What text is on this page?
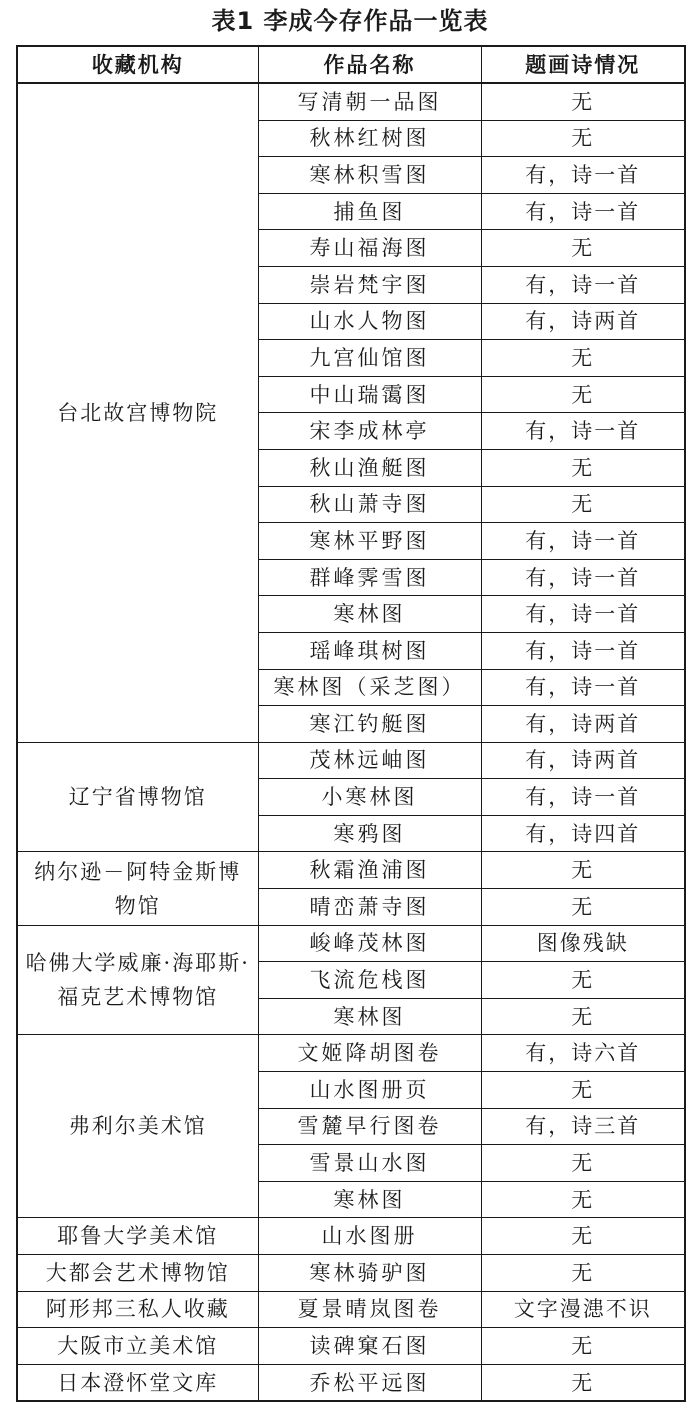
表1 李成今存作品一览表
收藏机构	作品名称	题画诗情况
台北故宫博物院	写清朝一品图	无
	秋林红树图	无
	寒林积雪图	有，诗一首
	捕鱼图	有，诗一首
	寿山福海图	无
	崇岩梵宇图	有，诗一首
	山水人物图	有，诗两首
	九宫仙馆图	无
	中山瑞霭图	无
	宋李成林亭	有，诗一首
	秋山渔艇图	无
	秋山萧寺图	无
	寒林平野图	有，诗一首
	群峰霁雪图	有，诗一首
	寒林图	有，诗一首
	瑶峰琪树图	有，诗一首
	寒林图（采芝图）	有，诗一首
	寒江钓艇图	有，诗两首
辽宁省博物馆	茂林远岫图	有，诗两首
	小寒林图	有，诗一首
	寒鸦图	有，诗四首
纳尔逊－阿特金斯博物馆	秋霜渔浦图	无
	晴峦萧寺图	无
哈佛大学威廉·海耶斯·福克艺术博物馆	峻峰茂林图	图像残缺
	飞流危栈图	无
	寒林图	无
弗利尔美术馆	文姬降胡图卷	有，诗六首
	山水图册页	无
	雪麓早行图卷	有，诗三首
	雪景山水图	无
	寒林图	无
耶鲁大学美术馆	山水图册	无
大都会艺术博物馆	寒林骑驴图	无
阿形邦三私人收藏	夏景晴岚图卷	文字漫漶不识
大阪市立美术馆	读碑窠石图	无
日本澄怀堂文库	乔松平远图	无
